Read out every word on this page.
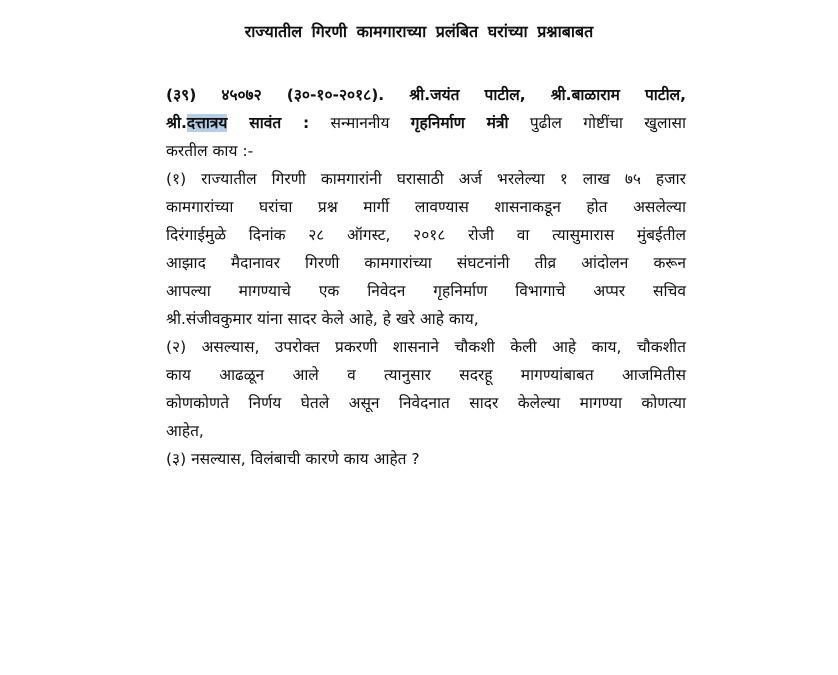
राज्यातील गिरणी कामगाराच्या प्रलंबित घरांच्या प्रश्नाबाबत
(३९) ४५०७२ (३०-१०-२०१८). श्री.जयंत पाटील, श्री.बाळाराम पाटील,
श्री.दत्तात्रय सावंत : सन्माननीय गृहनिर्माण मंत्री पुढील गोष्टींचा खुलासा
करतील काय :-
(१) राज्यातील गिरणी कामगारांनी घरासाठी अर्ज भरलेल्या १ लाख ७५ हजार
कामगारांच्या घरांचा प्रश्न मार्गी लावण्यास शासनाकडून होत असलेल्या
दिरंगाईमुळे दिनांक २८ ऑगस्ट, २०१८ रोजी वा त्यासुमारास मुंबईतील
आझाद मैदानावर गिरणी कामगारांच्या संघटनांनी तीव्र आंदोलन करून
आपल्या मागण्याचे एक निवेदन गृहनिर्माण विभागाचे अप्पर सचिव
श्री.संजीवकुमार यांना सादर केले आहे, हे खरे आहे काय,
(२) असल्यास, उपरोक्त प्रकरणी शासनाने चौकशी केली आहे काय, चौकशीत
काय आढळून आले व त्यानुसार सदरहू मागण्यांबाबत आजमितीस
कोणकोणते निर्णय घेतले असून निवेदनात सादर केलेल्या मागण्या कोणत्या
आहेत,
(३) नसल्यास, विलंबाची कारणे काय आहेत ?
